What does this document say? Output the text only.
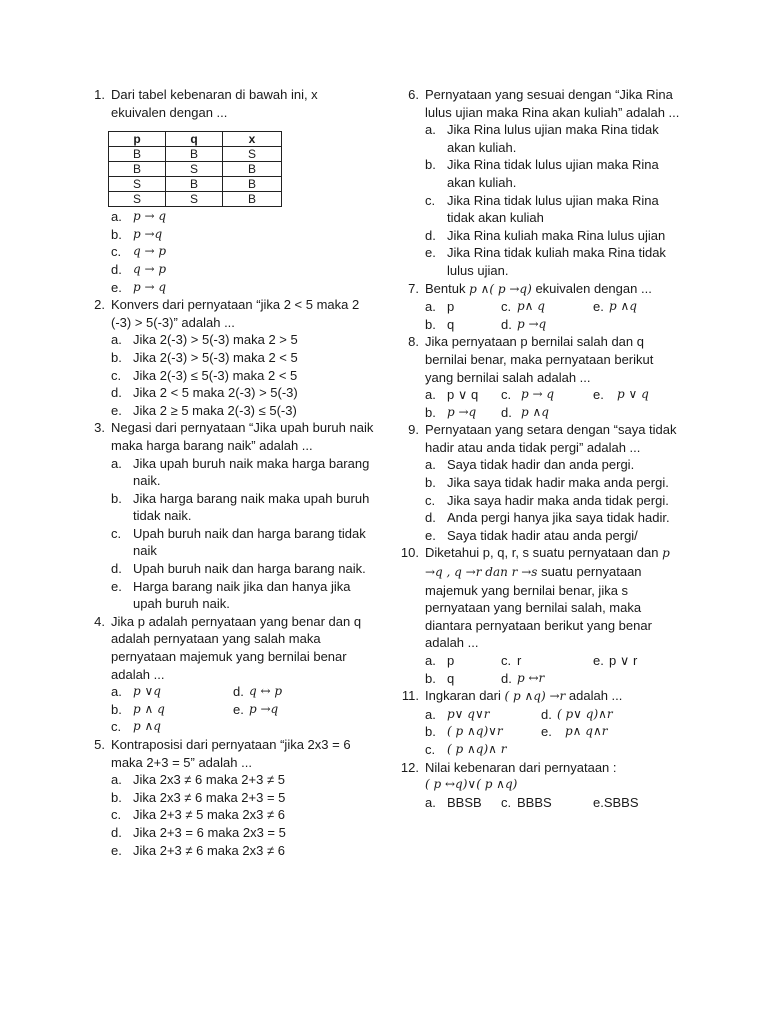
1. Dari tabel kebenaran di bawah ini, x ekuivalen dengan ...
p	q	x
B	B	S
B	S	B
S	B	B
S	S	B
a. p → q
b. p →q
c. q → p
d. q → p
e. p → q
2. Konvers dari pernyataan “jika 2 < 5 maka 2 (-3) > 5(-3)” adalah ...
a. Jika 2(-3) > 5(-3) maka 2 > 5
b. Jika 2(-3) > 5(-3) maka 2 < 5
c. Jika 2(-3) ≤ 5(-3) maka 2 < 5
d. Jika 2 < 5 maka 2(-3) > 5(-3)
e. Jika 2 ≥ 5 maka 2(-3) ≤ 5(-3)
3. Negasi dari pernyataan “Jika upah buruh naik maka harga barang naik” adalah ...
a. Jika upah buruh naik maka harga barang naik.
b. Jika harga barang naik maka upah buruh tidak naik.
c. Upah buruh naik dan harga barang tidak naik
d. Upah buruh naik dan harga barang naik.
e. Harga barang naik jika dan hanya jika upah buruh naik.
4. Jika p adalah pernyataan yang benar dan q adalah pernyataan yang salah maka pernyataan majemuk yang bernilai benar adalah ...
a. p ∨q	d. q ↔ p
b. p ∧ q	e. p →q
c. p ∧q
5. Kontraposisi dari pernyataan “jika 2x3 = 6 maka 2+3 = 5” adalah ...
a. Jika 2x3 ≠ 6 maka 2+3 ≠ 5
b. Jika 2x3 ≠ 6 maka 2+3 = 5
c. Jika 2+3 ≠ 5 maka 2x3 ≠ 6
d. Jika 2+3 = 6 maka 2x3 = 5
e. Jika 2+3 ≠ 6 maka 2x3 ≠ 6
6. Pernyataan yang sesuai dengan “Jika Rina lulus ujian maka Rina akan kuliah” adalah ...
a. Jika Rina lulus ujian maka Rina tidak akan kuliah.
b. Jika Rina tidak lulus ujian maka Rina akan kuliah.
c. Jika Rina tidak lulus ujian maka Rina tidak akan kuliah
d. Jika Rina kuliah maka Rina lulus ujian
e. Jika Rina tidak kuliah maka Rina tidak lulus ujian.
7. Bentuk p ∧( p →q) ekuivalen dengan ...
a. p	c. p∧ q	e. p ∧q
b. q	d. p →q
8. Jika pernyataan p bernilai salah dan q bernilai benar, maka pernyataan berikut yang bernilai salah adalah ...
a. p ∨ q c. p → q	e.	p ∨ q
b. p →q d. p ∧q
9. Pernyataan yang setara dengan “saya tidak hadir atau anda tidak pergi” adalah ...
a. Saya tidak hadir dan anda pergi.
b. Jika saya tidak hadir maka anda pergi.
c. Jika saya hadir maka anda tidak pergi.
d. Anda pergi hanya jika saya tidak hadir.
e. Saya tidak hadir atau anda pergi/
10. Diketahui p, q, r, s suatu pernyataan dan p →q , q →r dan r →s suatu pernyataan majemuk yang bernilai benar, jika s pernyataan yang bernilai salah, maka diantara pernyataan berikut yang benar adalah ...
a. p	c. r	e. p ∨ r
b. q	d. p ↔r
11. Ingkaran dari ( p ∧q) →r adalah ...
a. p∨ q∨r	d. ( p∨ q)∧r
b. ( p ∧q)∨r	e.	p∧ q∧r
c. ( p ∧q)∧ r
12. Nilai kebenaran dari pernyataan :
( p ↔q)∨( p ∧q)
a. BBSB c. BBBS	e. SBBS
